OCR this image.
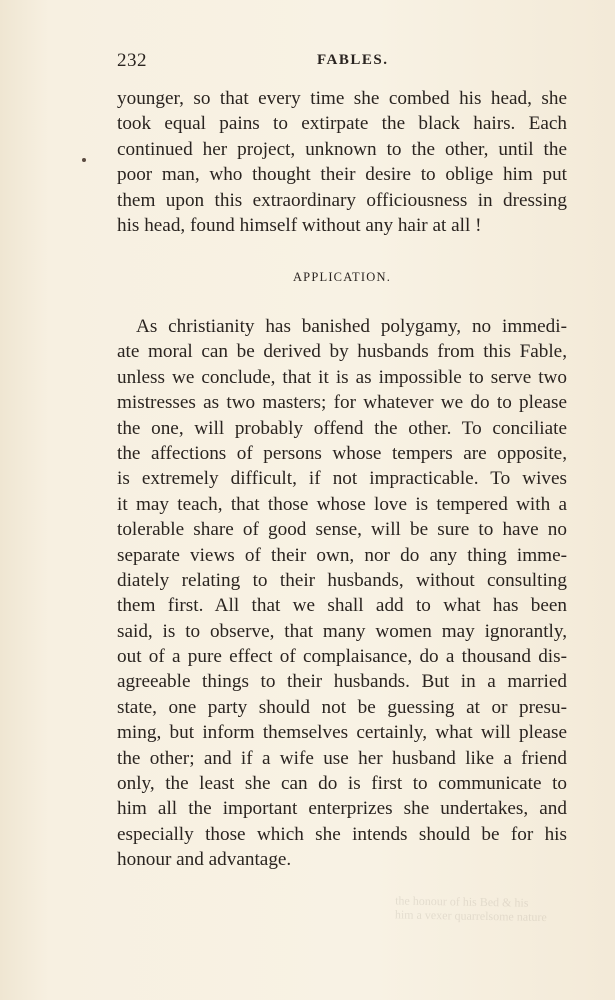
232	FABLES.
younger, so that every time she combed his head, she
took equal pains to extirpate the black hairs. Each
continued her project, unknown to the other, until the
poor man, who thought their desire to oblige him put
them upon this extraordinary officiousness in dressing
his head, found himself without any hair at all !
APPLICATION.
As christianity has banished polygamy, no immedi-
ate moral can be derived by husbands from this Fable,
unless we conclude, that it is as impossible to serve two
mistresses as two masters; for whatever we do to please
the one, will probably offend the other. To conciliate
the affections of persons whose tempers are opposite,
is extremely difficult, if not impracticable. To wives
it may teach, that those whose love is tempered with a
tolerable share of good sense, will be sure to have no
separate views of their own, nor do any thing imme-
diately relating to their husbands, without consulting
them first. All that we shall add to what has been
said, is to observe, that many women may ignorantly,
out of a pure effect of complaisance, do a thousand dis-
agreeable things to their husbands. But in a married
state, one party should not be guessing at or presu-
ming, but inform themselves certainly, what will please
the other; and if a wife use her husband like a friend
only, the least she can do is first to communicate to
him all the important enterprizes she undertakes, and
especially those which she intends should be for his
honour and advantage.
the honour of his Bed & his
him a vexer quarrelsome nature
